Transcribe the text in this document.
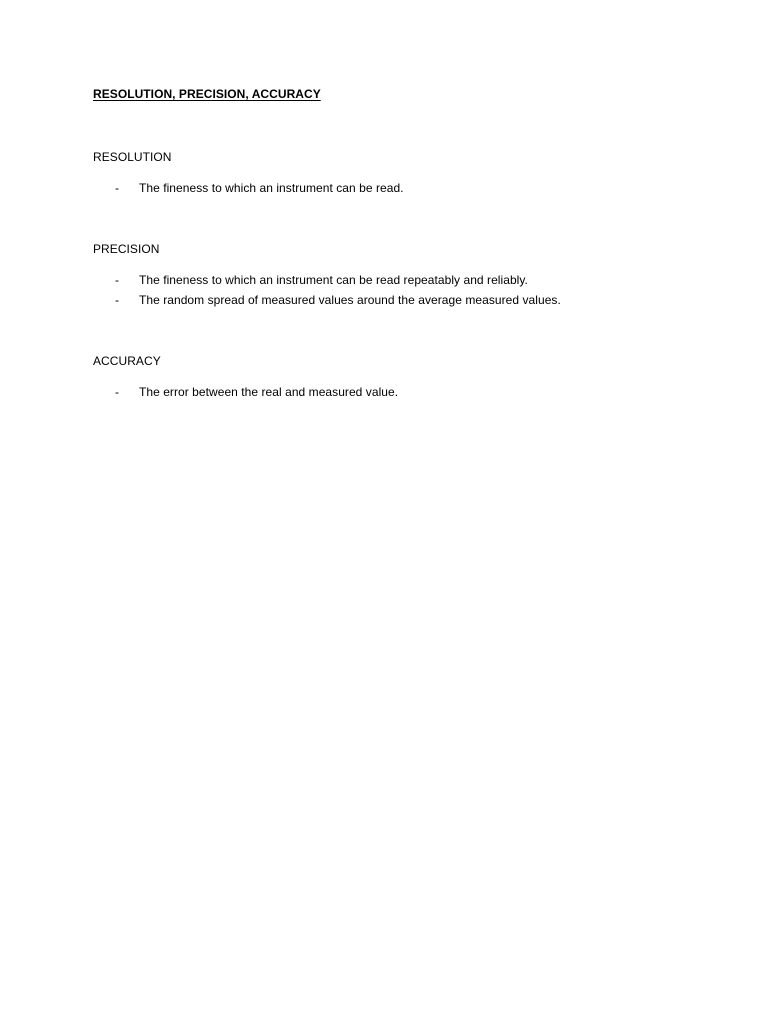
RESOLUTION, PRECISION, ACCURACY
RESOLUTION
- The fineness to which an instrument can be read.
PRECISION
- The fineness to which an instrument can be read repeatably and reliably.
- The random spread of measured values around the average measured values.
ACCURACY
- The error between the real and measured value.
